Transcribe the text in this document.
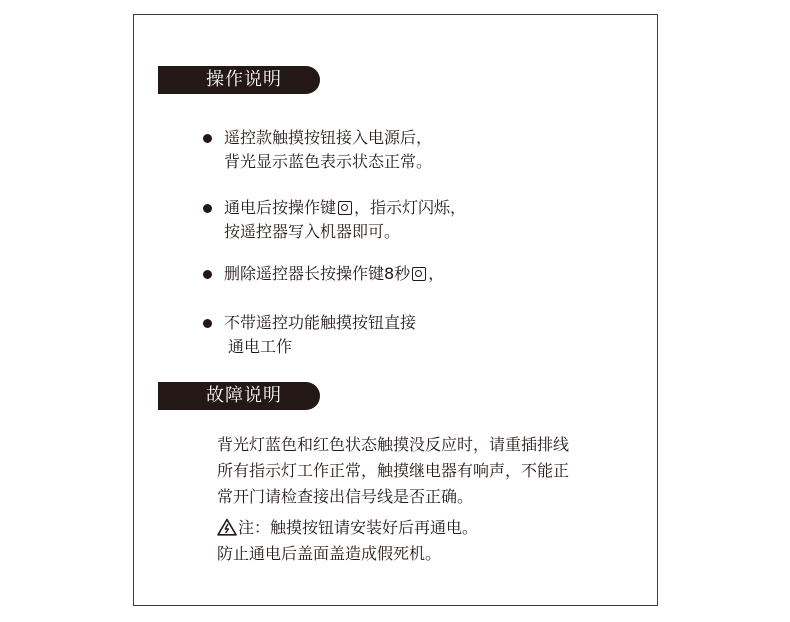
操作说明
遥控款触摸按钮接入电源后，
背光显示蓝色表示状态正常。
通电后按操作键 ，指示灯闪烁，
按遥控器写入机器即可。
删除遥控器长按操作键8秒 ，
不带遥控功能触摸按钮直接
通电工作
故障说明
背光灯蓝色和红色状态触摸没反应时，请重插排线
所有指示灯工作正常，触摸继电器有响声，不能正
常开门请检查接出信号线是否正确。
注：触摸按钮请安装好后再通电。
防止通电后盖面盖造成假死机。
